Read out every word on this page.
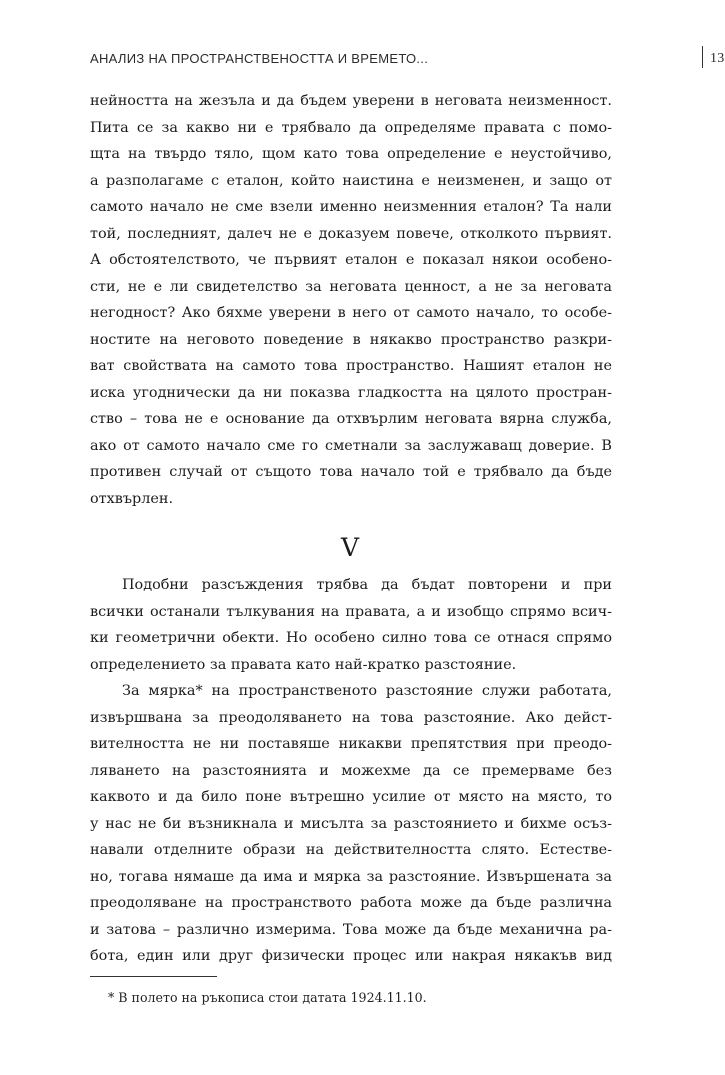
АНАЛИЗ НА ПРОСТРАНСТВЕНОСТТА И ВРЕМЕТО...	13
нейността на жезъла и да бъдем уверени в неговата неизменност.
Пита се за какво ни е трябвало да определяме правата с помо-
щта на твърдо тяло, щом като това определение е неустойчиво,
а разполагаме с еталон, който наистина е неизменен, и защо от
самото начало не сме взели именно неизменния еталон? Та нали
той, последният, далеч не е доказуем повече, отколкото първият.
А обстоятелството, че първият еталон е показал някои особено-
сти, не е ли свидетелство за неговата ценност, а не за неговата
негодност? Ако бяхме уверени в него от самото начало, то особе-
ностите на неговото поведение в някакво пространство разкри-
ват свойствата на самото това пространство. Нашият еталон не
иска угоднически да ни показва гладкостта на цялото простран-
ство – това не е основание да отхвърлим неговата вярна служба,
ако от самото начало сме го сметнали за заслужаващ доверие. В
противен случай от същото това начало той е трябвало да бъде
отхвърлен.
V
Подобни разсъждения трябва да бъдат повторени и при
всички останали тълкувания на правата, а и изобщо спрямо всич-
ки геометрични обекти. Но особено силно това се отнася спрямо
определението за правата като най-кратко разстояние.
За мярка* на пространственото разстояние служи работата,
извършвана за преодоляването на това разстояние. Ако дейст-
вителността не ни поставяше никакви препятствия при преодо-
ляването на разстоянията и можехме да се премерваме без
каквото и да било поне вътрешно усилие от място на място, то
у нас не би възникнала и мисълта за разстоянието и бихме осъз-
навали отделните образи на действителността слято. Естестве-
но, тогава нямаше да има и мярка за разстояние. Извършената за
преодоляване на пространството работа може да бъде различна
и затова – различно измерима. Това може да бъде механична ра-
бота, един или друг физически процес или накрая някакъв вид
* В полето на ръкописа стои датата 1924.11.10.
